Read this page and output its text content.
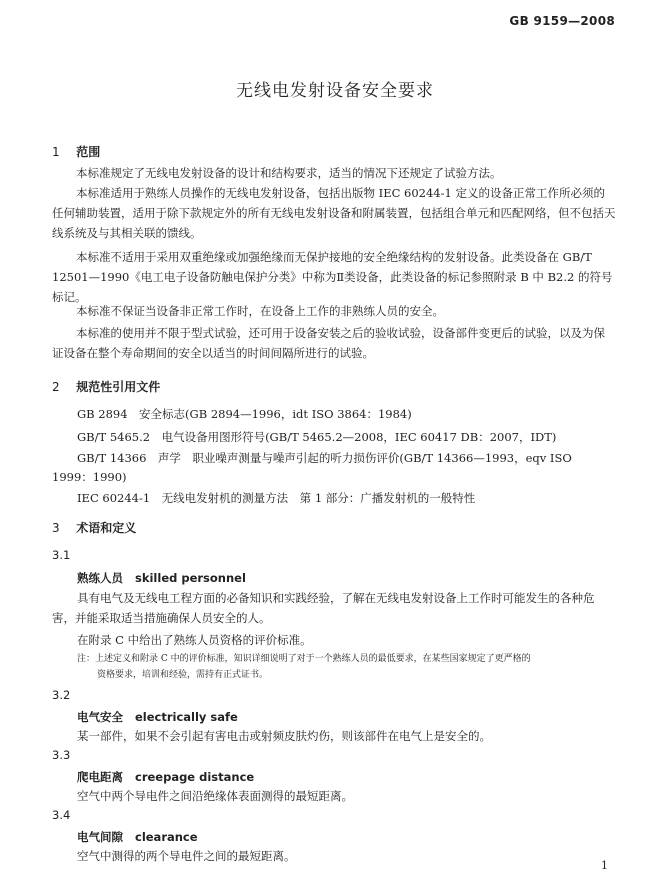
GB 9159—2008
无线电发射设备安全要求
1 范围
本标准规定了无线电发射设备的设计和结构要求，适当的情况下还规定了试验方法。
本标准适用于熟练人员操作的无线电发射设备，包括出版物 IEC 60244-1 定义的设备正常工作所必须的任何辅助装置，适用于除下款规定外的所有无线电发射设备和附属装置，包括组合单元和匹配网络，但不包括天线系统及与其相关联的馈线。
本标准不适用于采用双重绝缘或加强绝缘而无保护接地的安全绝缘结构的发射设备。此类设备在 GB/T 12501—1990《电工电子设备防触电保护分类》中称为Ⅱ类设备，此类设备的标记参照附录 B 中 B2.2 的符号标记。
本标准不保证当设备非正常工作时，在设备上工作的非熟练人员的安全。
本标准的使用并不限于型式试验，还可用于设备安装之后的验收试验，设备部件变更后的试验，以及为保证设备在整个寿命期间的安全以适当的时间间隔所进行的试验。
2 规范性引用文件
GB 2894　安全标志(GB 2894—1996，idt ISO 3864：1984)
GB/T 5465.2　电气设备用图形符号(GB/T 5465.2—2008，IEC 60417 DB：2007，IDT)
GB/T 14366　声学　职业噪声测量与噪声引起的听力损伤评价(GB/T 14366—1993，eqv ISO 1999：1990)
IEC 60244-1　无线电发射机的测量方法　第 1 部分：广播发射机的一般特性
3 术语和定义
3.1
熟练人员 skilled personnel
具有电气及无线电工程方面的必备知识和实践经验，了解在无线电发射设备上工作时可能发生的各种危害，并能采取适当措施确保人员安全的人。
在附录 C 中给出了熟练人员资格的评价标准。
注：上述定义和附录 C 中的评价标准，知识详细说明了对于一个熟练人员的最低要求，在某些国家规定了更严格的
资格要求，培训和经验，需持有正式证书。
3.2
电气安全 electrically safe
某一部件，如果不会引起有害电击或射频皮肤灼伤，则该部件在电气上是安全的。
3.3
爬电距离 creepage distance
空气中两个导电件之间沿绝缘体表面测得的最短距离。
3.4
电气间隙 clearance
空气中测得的两个导电件之间的最短距离。
1
